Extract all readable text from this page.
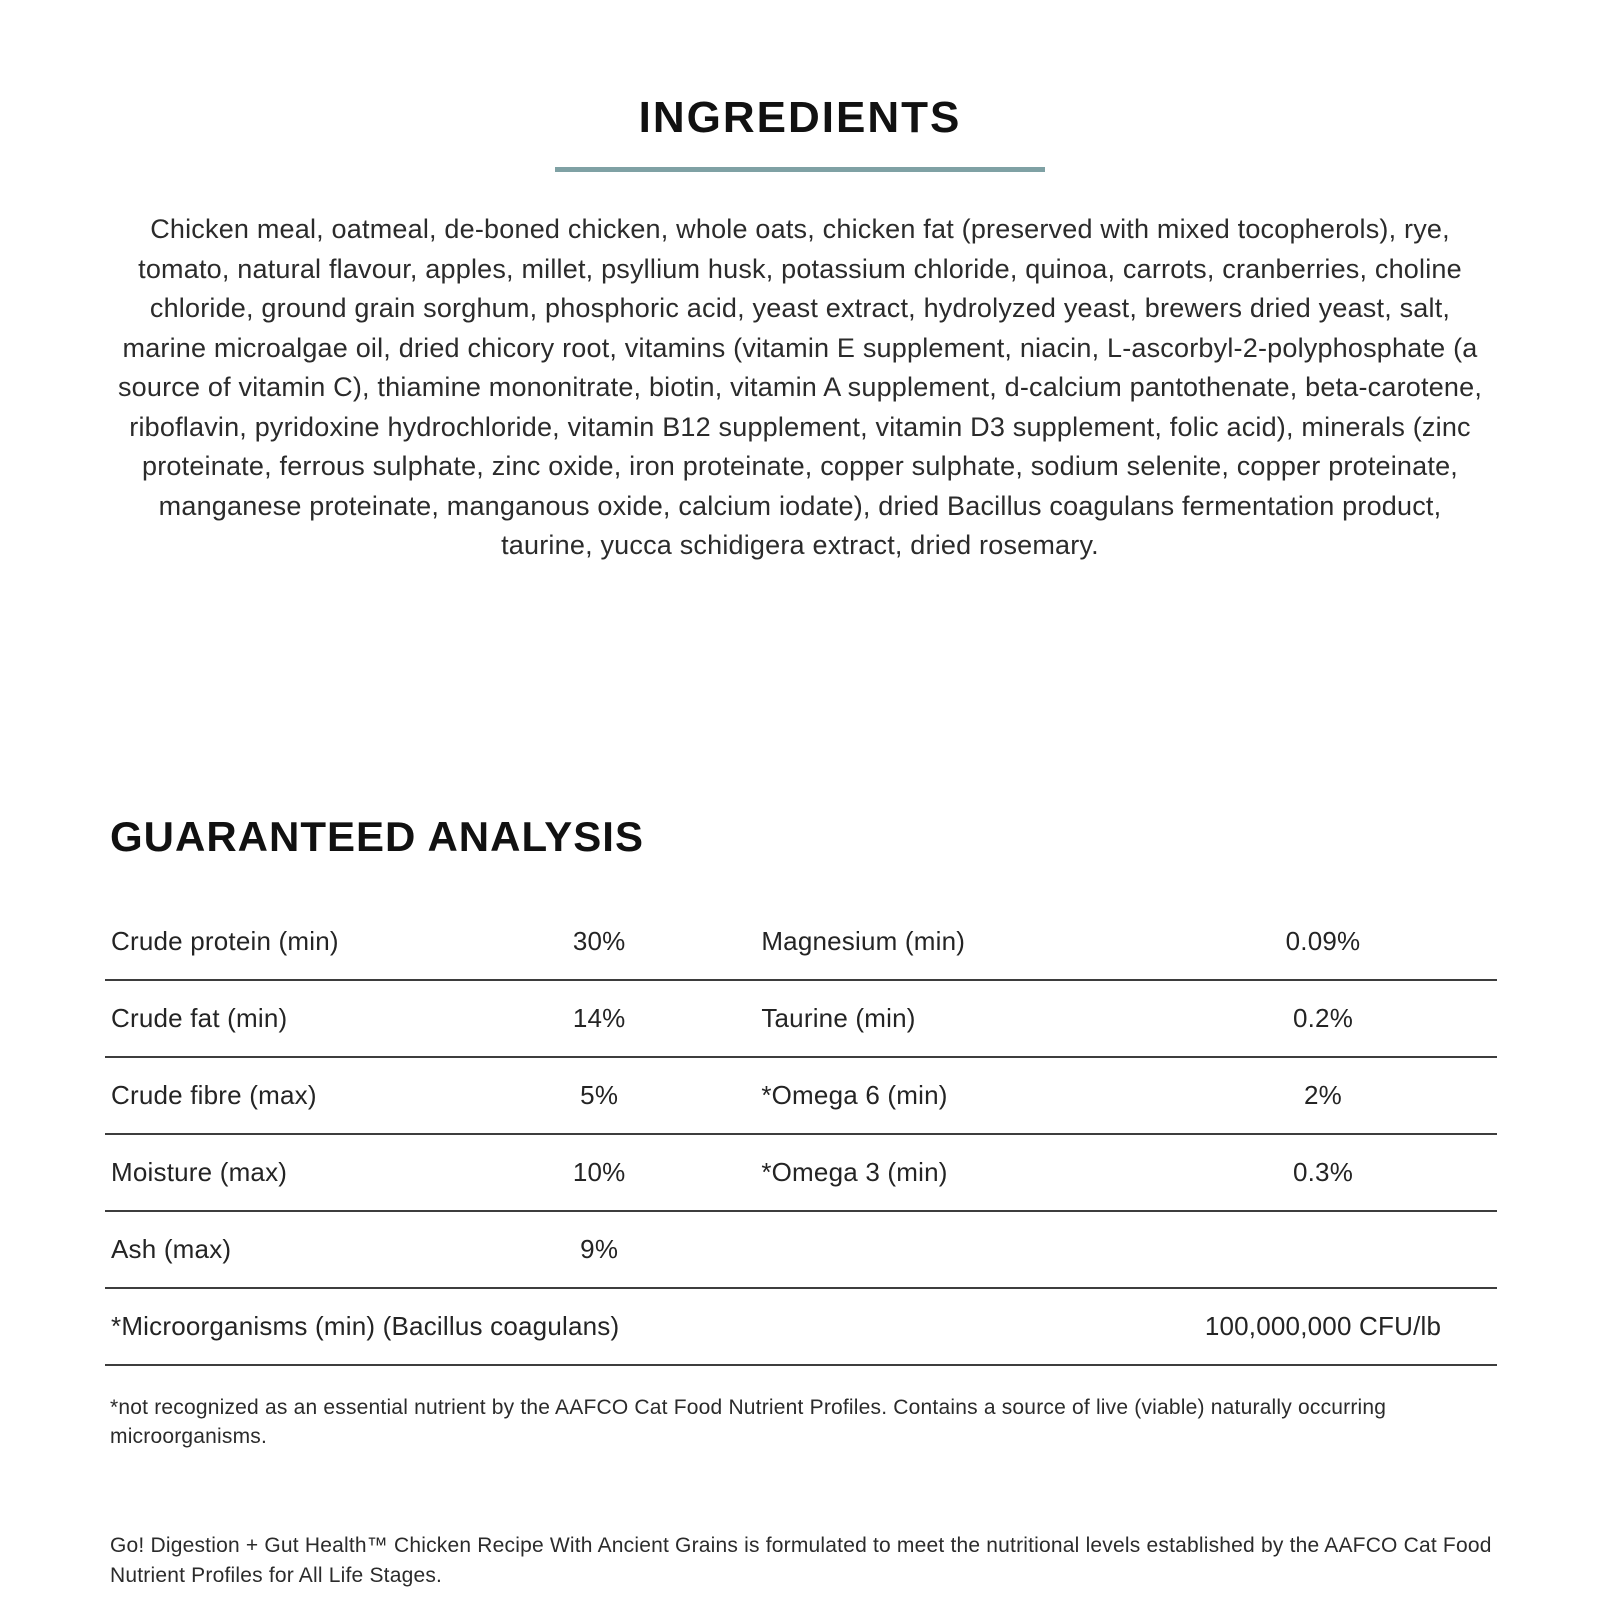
INGREDIENTS

Chicken meal, oatmeal, de-boned chicken, whole oats, chicken fat (preserved with mixed tocopherols), rye, tomato, natural flavour, apples, millet, psyllium husk, potassium chloride, quinoa, carrots, cranberries, choline chloride, ground grain sorghum, phosphoric acid, yeast extract, hydrolyzed yeast, brewers dried yeast, salt, marine microalgae oil, dried chicory root, vitamins (vitamin E supplement, niacin, L-ascorbyl-2-polyphosphate (a source of vitamin C), thiamine mononitrate, biotin, vitamin A supplement, d-calcium pantothenate, beta-carotene, riboflavin, pyridoxine hydrochloride, vitamin B12 supplement, vitamin D3 supplement, folic acid), minerals (zinc proteinate, ferrous sulphate, zinc oxide, iron proteinate, copper sulphate, sodium selenite, copper proteinate, manganese proteinate, manganous oxide, calcium iodate), dried Bacillus coagulans fermentation product, taurine, yucca schidigera extract, dried rosemary.

GUARANTEED ANALYSIS
Crude protein (min)	30%	Magnesium (min)	0.09%
Crude fat (min)	14%	Taurine (min)	0.2%
Crude fibre (max)	5%	*Omega 6 (min)	2%
Moisture (max)	10%	*Omega 3 (min)	0.3%
Ash (max)	9%
*Microorganisms (min) (Bacillus coagulans)	100,000,000 CFU/lb

*not recognized as an essential nutrient by the AAFCO Cat Food Nutrient Profiles. Contains a source of live (viable) naturally occurring microorganisms.

Go! Digestion + Gut Health™ Chicken Recipe With Ancient Grains is formulated to meet the nutritional levels established by the AAFCO Cat Food Nutrient Profiles for All Life Stages.
